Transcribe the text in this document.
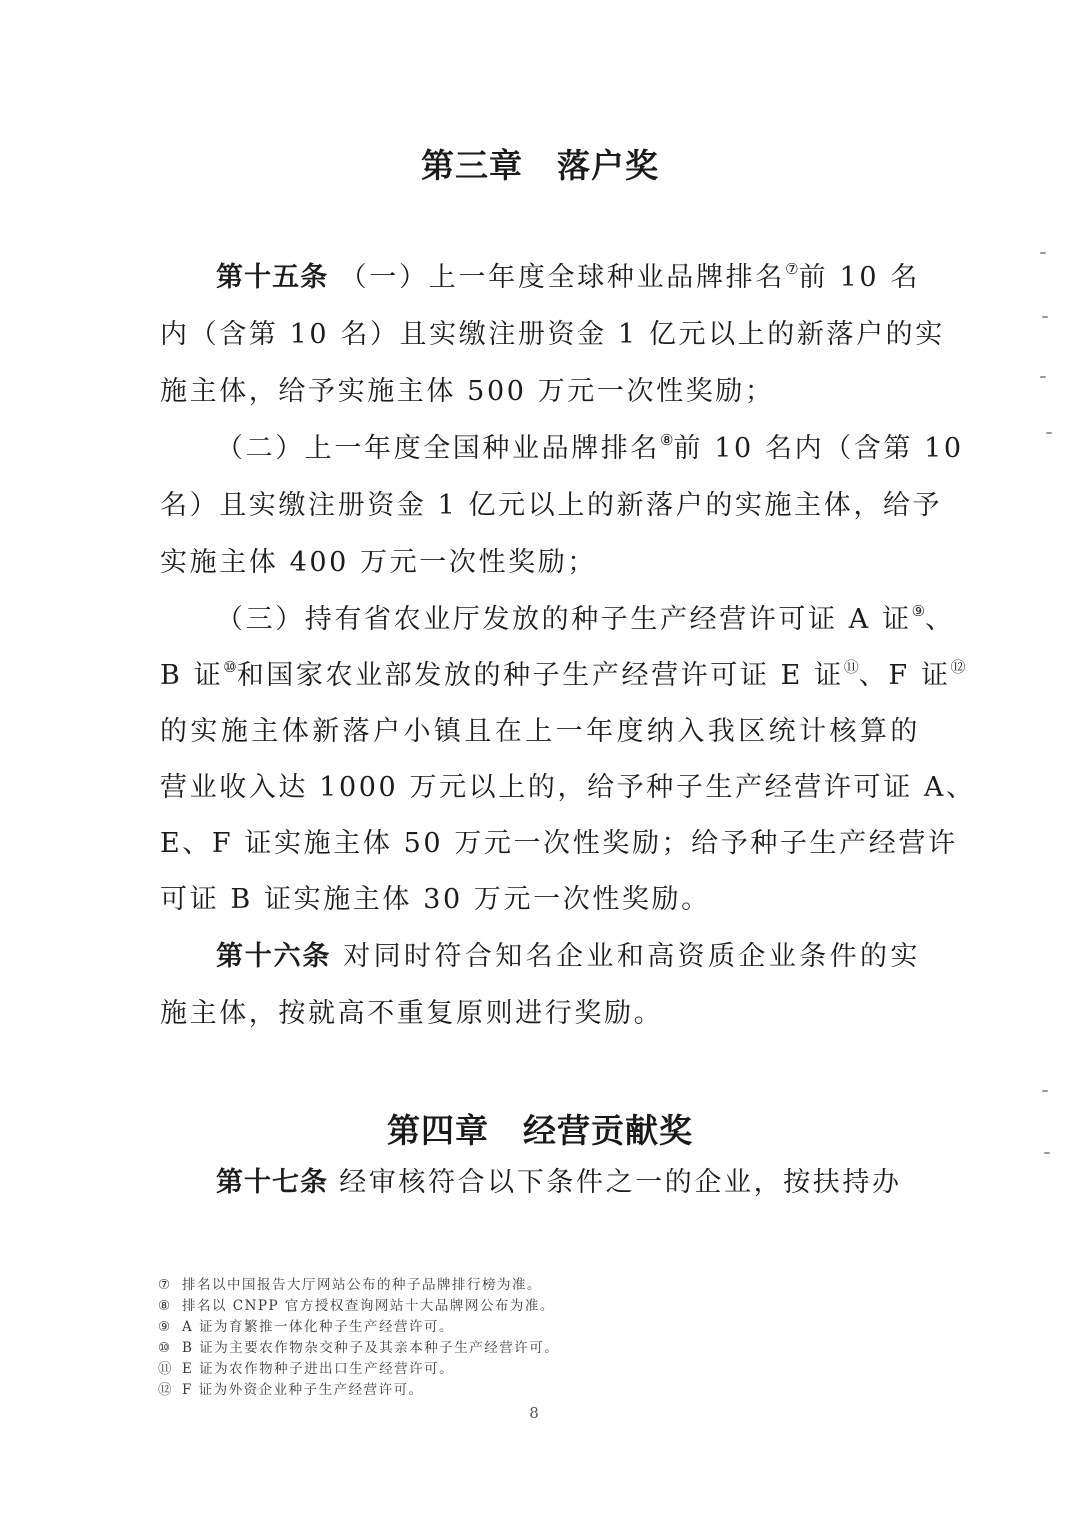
第三章　落户奖
第十五条 （一）上一年度全球种业品牌排名⑦前 10 名
内（含第 10 名）且实缴注册资金 1 亿元以上的新落户的实
施主体，给予实施主体 500 万元一次性奖励；
（二）上一年度全国种业品牌排名⑧前 10 名内（含第 10
名）且实缴注册资金 1 亿元以上的新落户的实施主体，给予
实施主体 400 万元一次性奖励；
（三）持有省农业厅发放的种子生产经营许可证 A 证⑨、
B 证⑩和国家农业部发放的种子生产经营许可证 E 证⑪、F 证⑫
的实施主体新落户小镇且在上一年度纳入我区统计核算的
营业收入达 1000 万元以上的，给予种子生产经营许可证 A、
E、F 证实施主体 50 万元一次性奖励；给予种子生产经营许
可证 B 证实施主体 30 万元一次性奖励。
第十六条 对同时符合知名企业和高资质企业条件的实
施主体，按就高不重复原则进行奖励。
第四章　经营贡献奖
第十七条 经审核符合以下条件之一的企业，按扶持办
⑦ 排名以中国报告大厅网站公布的种子品牌排行榜为准。
⑧ 排名以 CNPP 官方授权查询网站十大品牌网公布为准。
⑨ A 证为育繁推一体化种子生产经营许可。
⑩ B 证为主要农作物杂交种子及其亲本种子生产经营许可。
⑪ E 证为农作物种子进出口生产经营许可。
⑫ F 证为外资企业种子生产经营许可。
8
